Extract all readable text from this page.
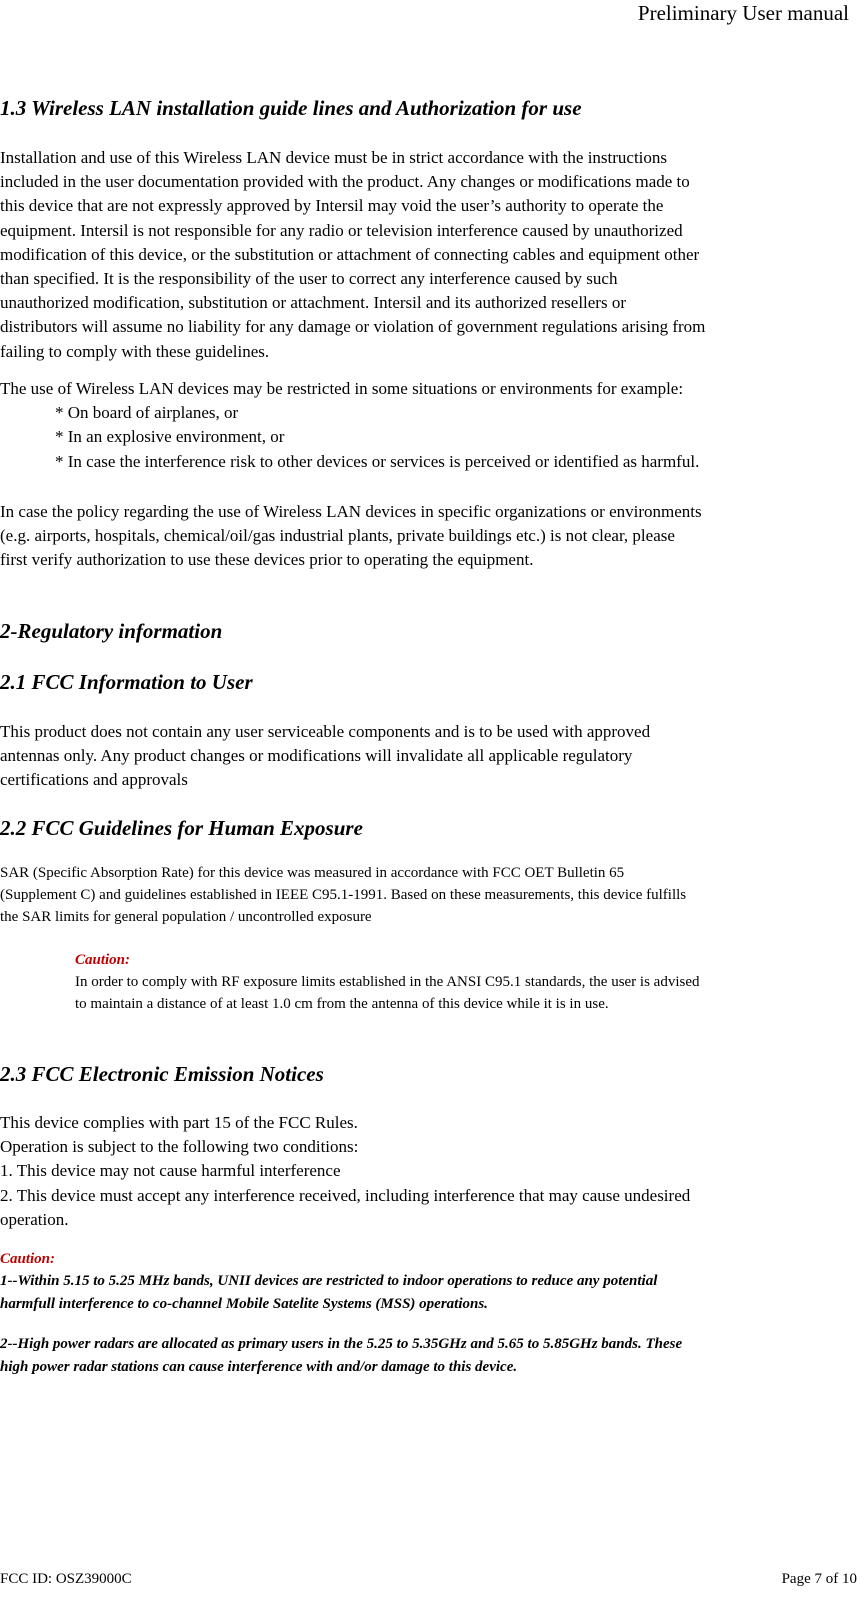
Preliminary User manual
1.3 Wireless LAN installation guide lines and Authorization for use

Installation and use of this Wireless LAN device must be in strict accordance with the instructions

included in the user documentation provided with the product. Any changes or modifications made to

this device that are not expressly approved by Intersil may void the user’s authority to operate the

equipment. Intersil is not responsible for any radio or television interference caused by unauthorized

modification of this device, or the substitution or attachment of connecting cables and equipment other

than specified. It is the responsibility of the user to correct any interference caused by such

unauthorized modification, substitution or attachment. Intersil and its authorized resellers or

distributors will assume no liability for any damage or violation of government regulations arising from

failing to comply with these guidelines.

The use of Wireless LAN devices may be restricted in some situations or environments for example:

* On board of airplanes, or

* In an explosive environment, or

* In case the interference risk to other devices or services is perceived or identified as harmful.

In case the policy regarding the use of Wireless LAN devices in specific organizations or environments

(e.g. airports, hospitals, chemical/oil/gas industrial plants, private buildings etc.) is not clear, please

first verify authorization to use these devices prior to operating the equipment.

2-Regulatory information
2.1 FCC Information to User

This product does not contain any user serviceable components and is to be used with approved

antennas only. Any product changes or modifications will invalidate all applicable regulatory

certifications and approvals

2.2 FCC Guidelines for Human Exposure

SAR (Specific Absorption Rate) for this device was measured in accordance with FCC OET Bulletin 65

(Supplement C) and guidelines established in IEEE C95.1-1991. Based on these measurements, this device fulfills

the SAR limits for general population / uncontrolled exposure

Caution:

In order to comply with RF exposure limits established in the ANSI C95.1 standards, the user is advised

to maintain a distance of at least 1.0 cm from the antenna of this device while it is in use.

2.3 FCC Electronic Emission Notices

This device complies with part 15 of the FCC Rules.

Operation is subject to the following two conditions:

1. This device may not cause harmful interference

2. This device must accept any interference received, including interference that may cause undesired

operation.

Caution:

1--Within 5.15 to 5.25 MHz bands, UNII devices are restricted to indoor operations to reduce any potential

harmfull interference to co-channel Mobile Satelite Systems (MSS) operations.

2--High power radars are allocated as primary users in the 5.25 to 5.35GHz and 5.65 to 5.85GHz bands. These

high power radar stations can cause interference with and/or damage to this device.

FCC ID: OSZ39000C	Page 7 of 10
